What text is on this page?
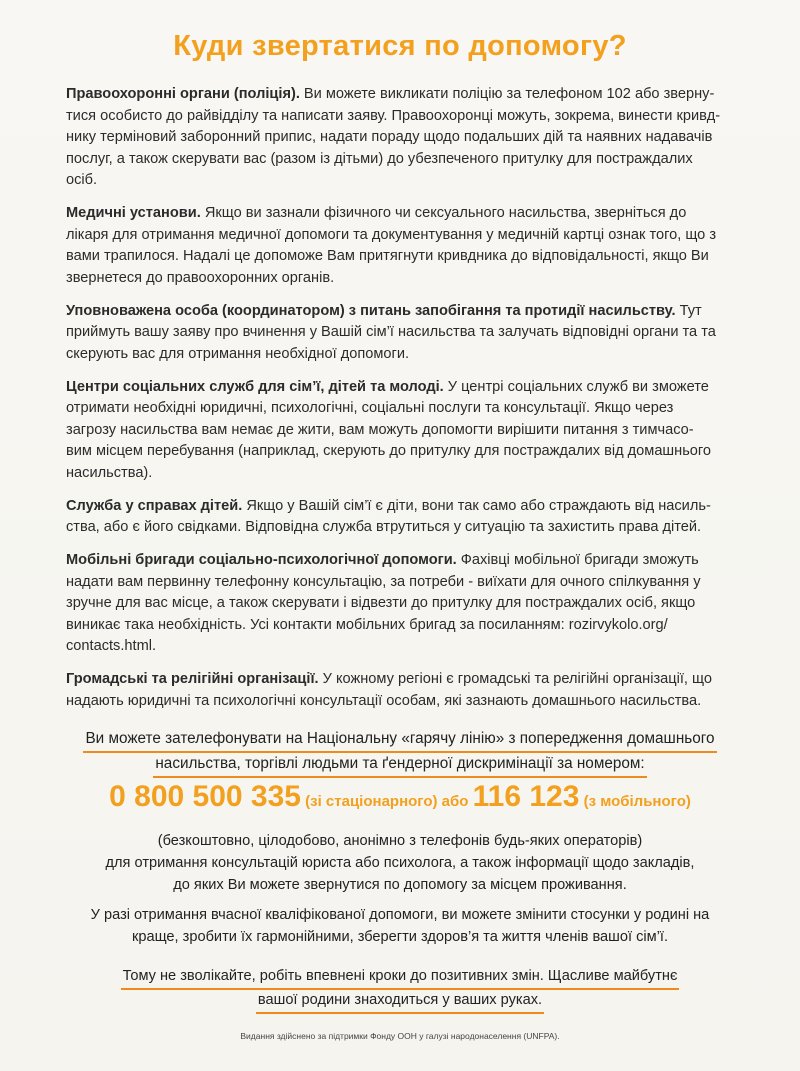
Куди звертатися по допомогу?

Правоохоронні органи (поліція). Ви можете викликати поліцію за телефоном 102 або зверну-
тися особисто до райвідділу та написати заяву. Правоохоронці можуть, зокрема, винести кривд-
нику терміновий заборонний припис, надати пораду щодо подальших дій та наявних надавачів
послуг, а також скерувати вас (разом із дітьми) до убезпеченого притулку для постраждалих
осіб.

Медичні установи. Якщо ви зазнали фізичного чи сексуального насильства, зверніться до
лікаря для отримання медичної допомоги та документування у медичній картці ознак того, що з
вами трапилося. Надалі це допоможе Вам притягнути кривдника до відповідальності, якщо Ви
звернетеся до правоохоронних органів.

Уповноважена особа (координатором) з питань запобігання та протидії насильству. Тут
приймуть вашу заяву про вчинення у Вашій сім’ї насильства та залучать відповідні органи та та
скерують вас для отримання необхідної допомоги.

Центри соціальних служб для сім’ї, дітей та молоді. У центрі соціальних служб ви зможете
отримати необхідні юридичні, психологічні, соціальні послуги та консультації. Якщо через
загрозу насильства вам немає де жити, вам можуть допомогти вирішити питання з тимчасо-
вим місцем перебування (наприклад, скерують до притулку для постраждалих від домашнього
насильства).

Служба у справах дітей. Якщо у Вашій сім’ї є діти, вони так само або страждають від насиль-
ства, або є його свідками. Відповідна служба втрутиться у ситуацію та захистить права дітей.

Мобільні бригади соціально-психологічної допомоги. Фахівці мобільної бригади зможуть
надати вам первинну телефонну консультацію, за потреби - виїхати для очного спілкування у
зручне для вас місце, а також скерувати і відвезти до притулку для постраждалих осіб, якщо
виникає така необхідність. Усі контакти мобільних бригад за посиланням: rozirvykolo.org/
contacts.html.

Громадські та релігійні організації. У кожному регіоні є громадські та релігійні організації, що
надають юридичні та психологічні консультації особам, які зазнають домашнього насильства.

Ви можете зателефонувати на Національну «гарячу лінію» з попередження домашнього
насильства, торгівлі людьми та ґендерної дискримінації за номером:
0 800 500 335 (зі стаціонарного) або 116 123 (з мобільного)
(безкоштовно, цілодобово, анонімно з телефонів будь-яких операторів)
для отримання консультацій юриста або психолога, а також інформації щодо закладів,
до яких Ви можете звернутися по допомогу за місцем проживання.
У разі отримання вчасної кваліфікованої допомоги, ви можете змінити стосунки у родині на
краще, зробити їх гармонійними, зберегти здоров’я та життя членів вашої сім’ї.
Тому не зволікайте, робіть впевнені кроки до позитивних змін. Щасливе майбутнє
вашої родини знаходиться у ваших руках.
Видання здійснено за підтримки Фонду ООН у галузі народонаселення (UNFPA).
